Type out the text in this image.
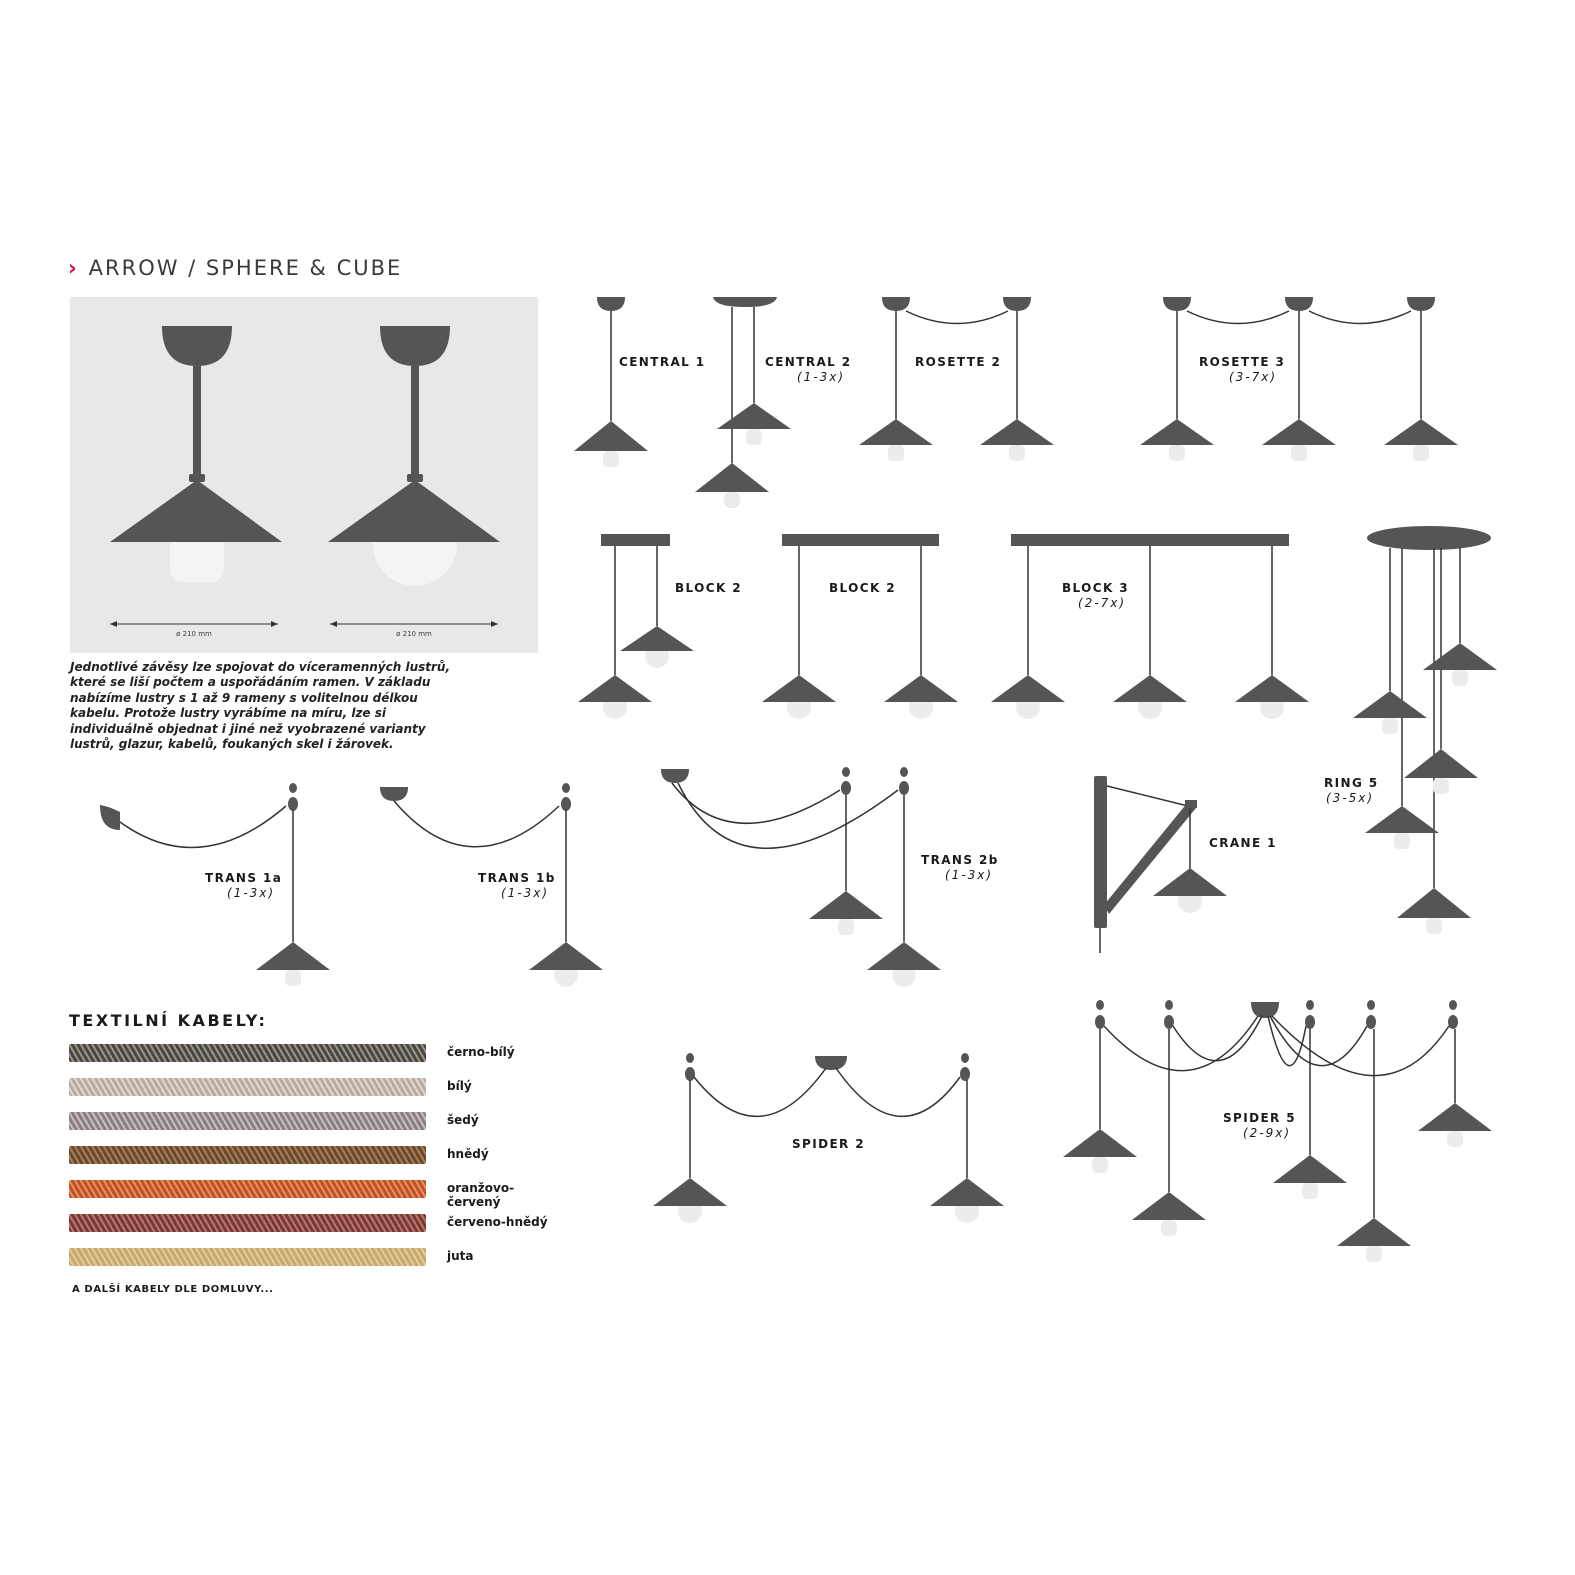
› ARROW / SPHERE & CUBE
Jednotlivé závěsy lze spojovat do víceramenných lustrů, které se liší počtem a uspořádáním ramen. V základu nabízíme lustry s 1 až 9 rameny s volitelnou délkou kabelu. Protože lustry vyrábíme na míru, lze si individuálně objednat i jiné než vyobrazené varianty lustrů, glazur, kabelů, foukaných skel i žárovek.
ø 210 mm	ø 210 mm
CENTRAL 1	CENTRAL 2
(1-3x)
ROSETTE 2	ROSETTE 3
(3-7x)
BLOCK 2	BLOCK 2	BLOCK 3
(2-7x)
RING 5
(3-5x)
TRANS 1a
(1-3x)
TRANS 1b
(1-3x)
TRANS 2b
(1-3x)
CRANE 1
SPIDER 2
SPIDER 5
(2-9x)
TEXTILNÍ KABELY:
černo-bílý
bílý
šedý
hnědý
oranžovo-červený
červeno-hnědý
juta
A DALŠÍ KABELY DLE DOMLUVY...
